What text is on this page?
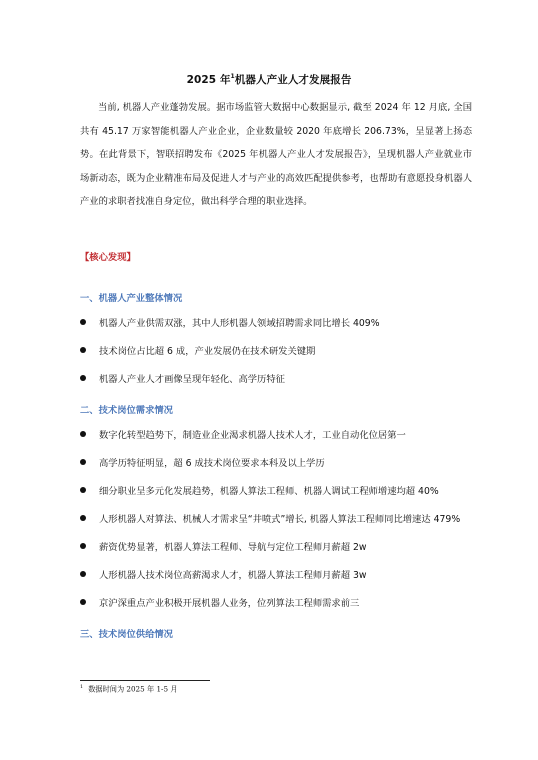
2025 年$^1$机器人产业人才发展报告
当前, 机器人产业蓬勃发展。据市场监管大数据中心数据显示, 截至 2024 年 12 月底, 全国共有 45.17 万家智能机器人产业企业，企业数量较 2020 年底增长 206.73%，呈显著上扬态势。在此背景下，智联招聘发布《2025 年机器人产业人才发展报告》，呈现机器人产业就业市场新动态，既为企业精准布局及促进人才与产业的高效匹配提供参考，也帮助有意愿投身机器人产业的求职者找准自身定位，做出科学合理的职业选择。
【核心发现】
一、机器人产业整体情况
机器人产业供需双涨，其中人形机器人领域招聘需求同比增长 409%
技术岗位占比超 6 成，产业发展仍在技术研发关键期
机器人产业人才画像呈现年轻化、高学历特征
二、技术岗位需求情况
数字化转型趋势下，制造业企业渴求机器人技术人才，工业自动化位居第一
高学历特征明显，超 6 成技术岗位要求本科及以上学历
细分职业呈多元化发展趋势，机器人算法工程师、机器人调试工程师增速均超 40%
人形机器人对算法、机械人才需求呈“井喷式”增长, 机器人算法工程师同比增速达 479%
薪资优势显著，机器人算法工程师、导航与定位工程师月薪超 2w
人形机器人技术岗位高薪渴求人才，机器人算法工程师月薪超 3w
京沪深重点产业积极开展机器人业务，位列算法工程师需求前三
三、技术岗位供给情况
$^1$ 数据时间为 2025 年 1-5 月
